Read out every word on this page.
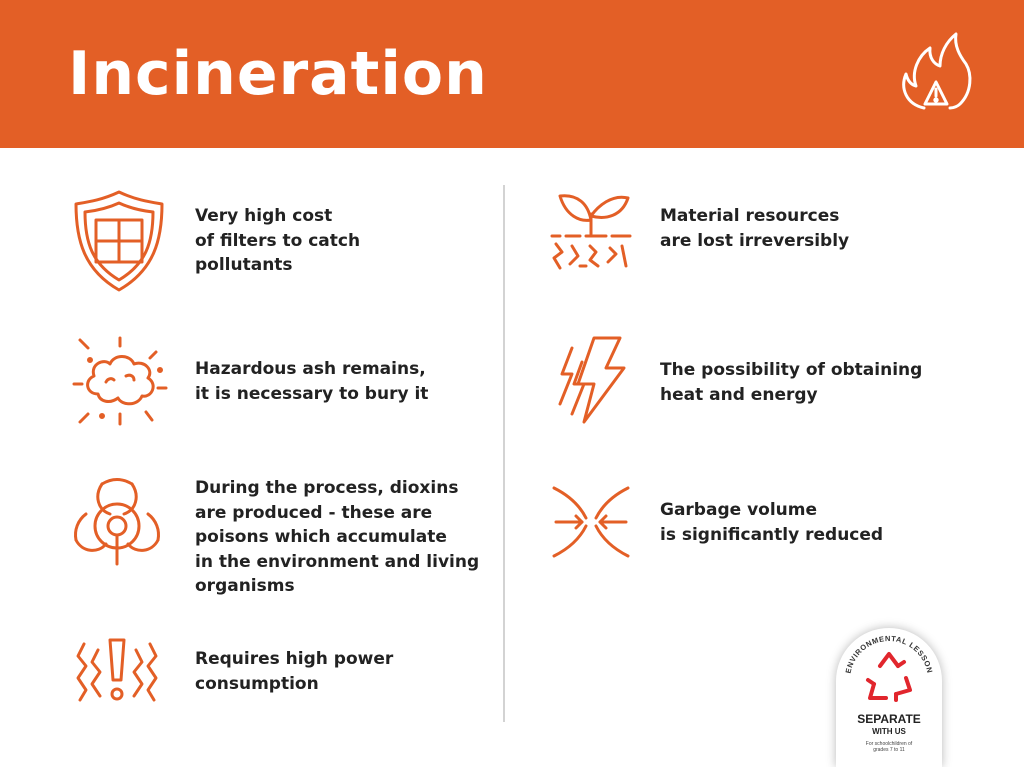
Incineration
Very high cost
of filters to catch
pollutants
Hazardous ash remains,
it is necessary to bury it
During the process, dioxins
are produced - these are
poisons which accumulate
in the environment and living
organisms
Requires high power
consumption
Material resources
are lost irreversibly
The possibility of obtaining
heat and energy
Garbage volume
is significantly reduced
ENVIRONMENTAL LESSON
SEPARATE
WITH US
For schoolchildren of grades 7 to 11
